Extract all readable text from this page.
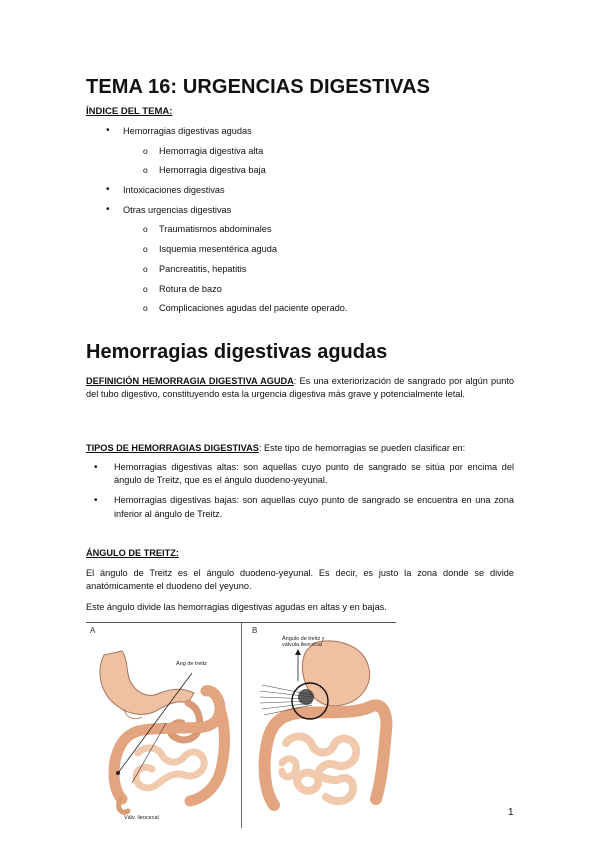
TEMA 16: URGENCIAS DIGESTIVAS
ÍNDICE DEL TEMA:
• Hemorragias digestivas agudas
o Hemorragia digestiva alta
o Hemorragia digestiva baja
• Intoxicaciones digestivas
• Otras urgencias digestivas
o Traumatismos abdominales
o Isquemia mesentérica aguda
o Pancreatitis, hepatitis
o Rotura de bazo
o Complicaciones agudas del paciente operado.
Hemorragias digestivas agudas
DEFINICIÓN HEMORRAGIA DIGESTIVA AGUDA: Es una exteriorización de sangrado por algún punto del tubo digestivo, constituyendo esta la urgencia digestiva más grave y potencialmente letal.
TIPOS DE HEMORRAGIAS DIGESTIVAS: Este tipo de hemorragias se pueden clasificar en:
• Hemorragias digestivas altas: son aquellas cuyo punto de sangrado se sitúa por encima del ángulo de Treitz, que es el ángulo duodeno-yeyunal.
• Hemorragias digestivas bajas: son aquellas cuyo punto de sangrado se encuentra en una zona inferior al ángulo de Treitz.
ÁNGULO DE TREITZ:
El ángulo de Treitz es el ángulo duodeno-yeyunal. Es decir, es justo la zona donde se divide anatómicamente el duodeno del yeyuno.
Este ángulo divide las hemorragias digestivas agudas en altas y en bajas.
A	B
Áng de treitz
Válv. ileocecal
Ángulo de treitz y
válvula ileocecal
1
